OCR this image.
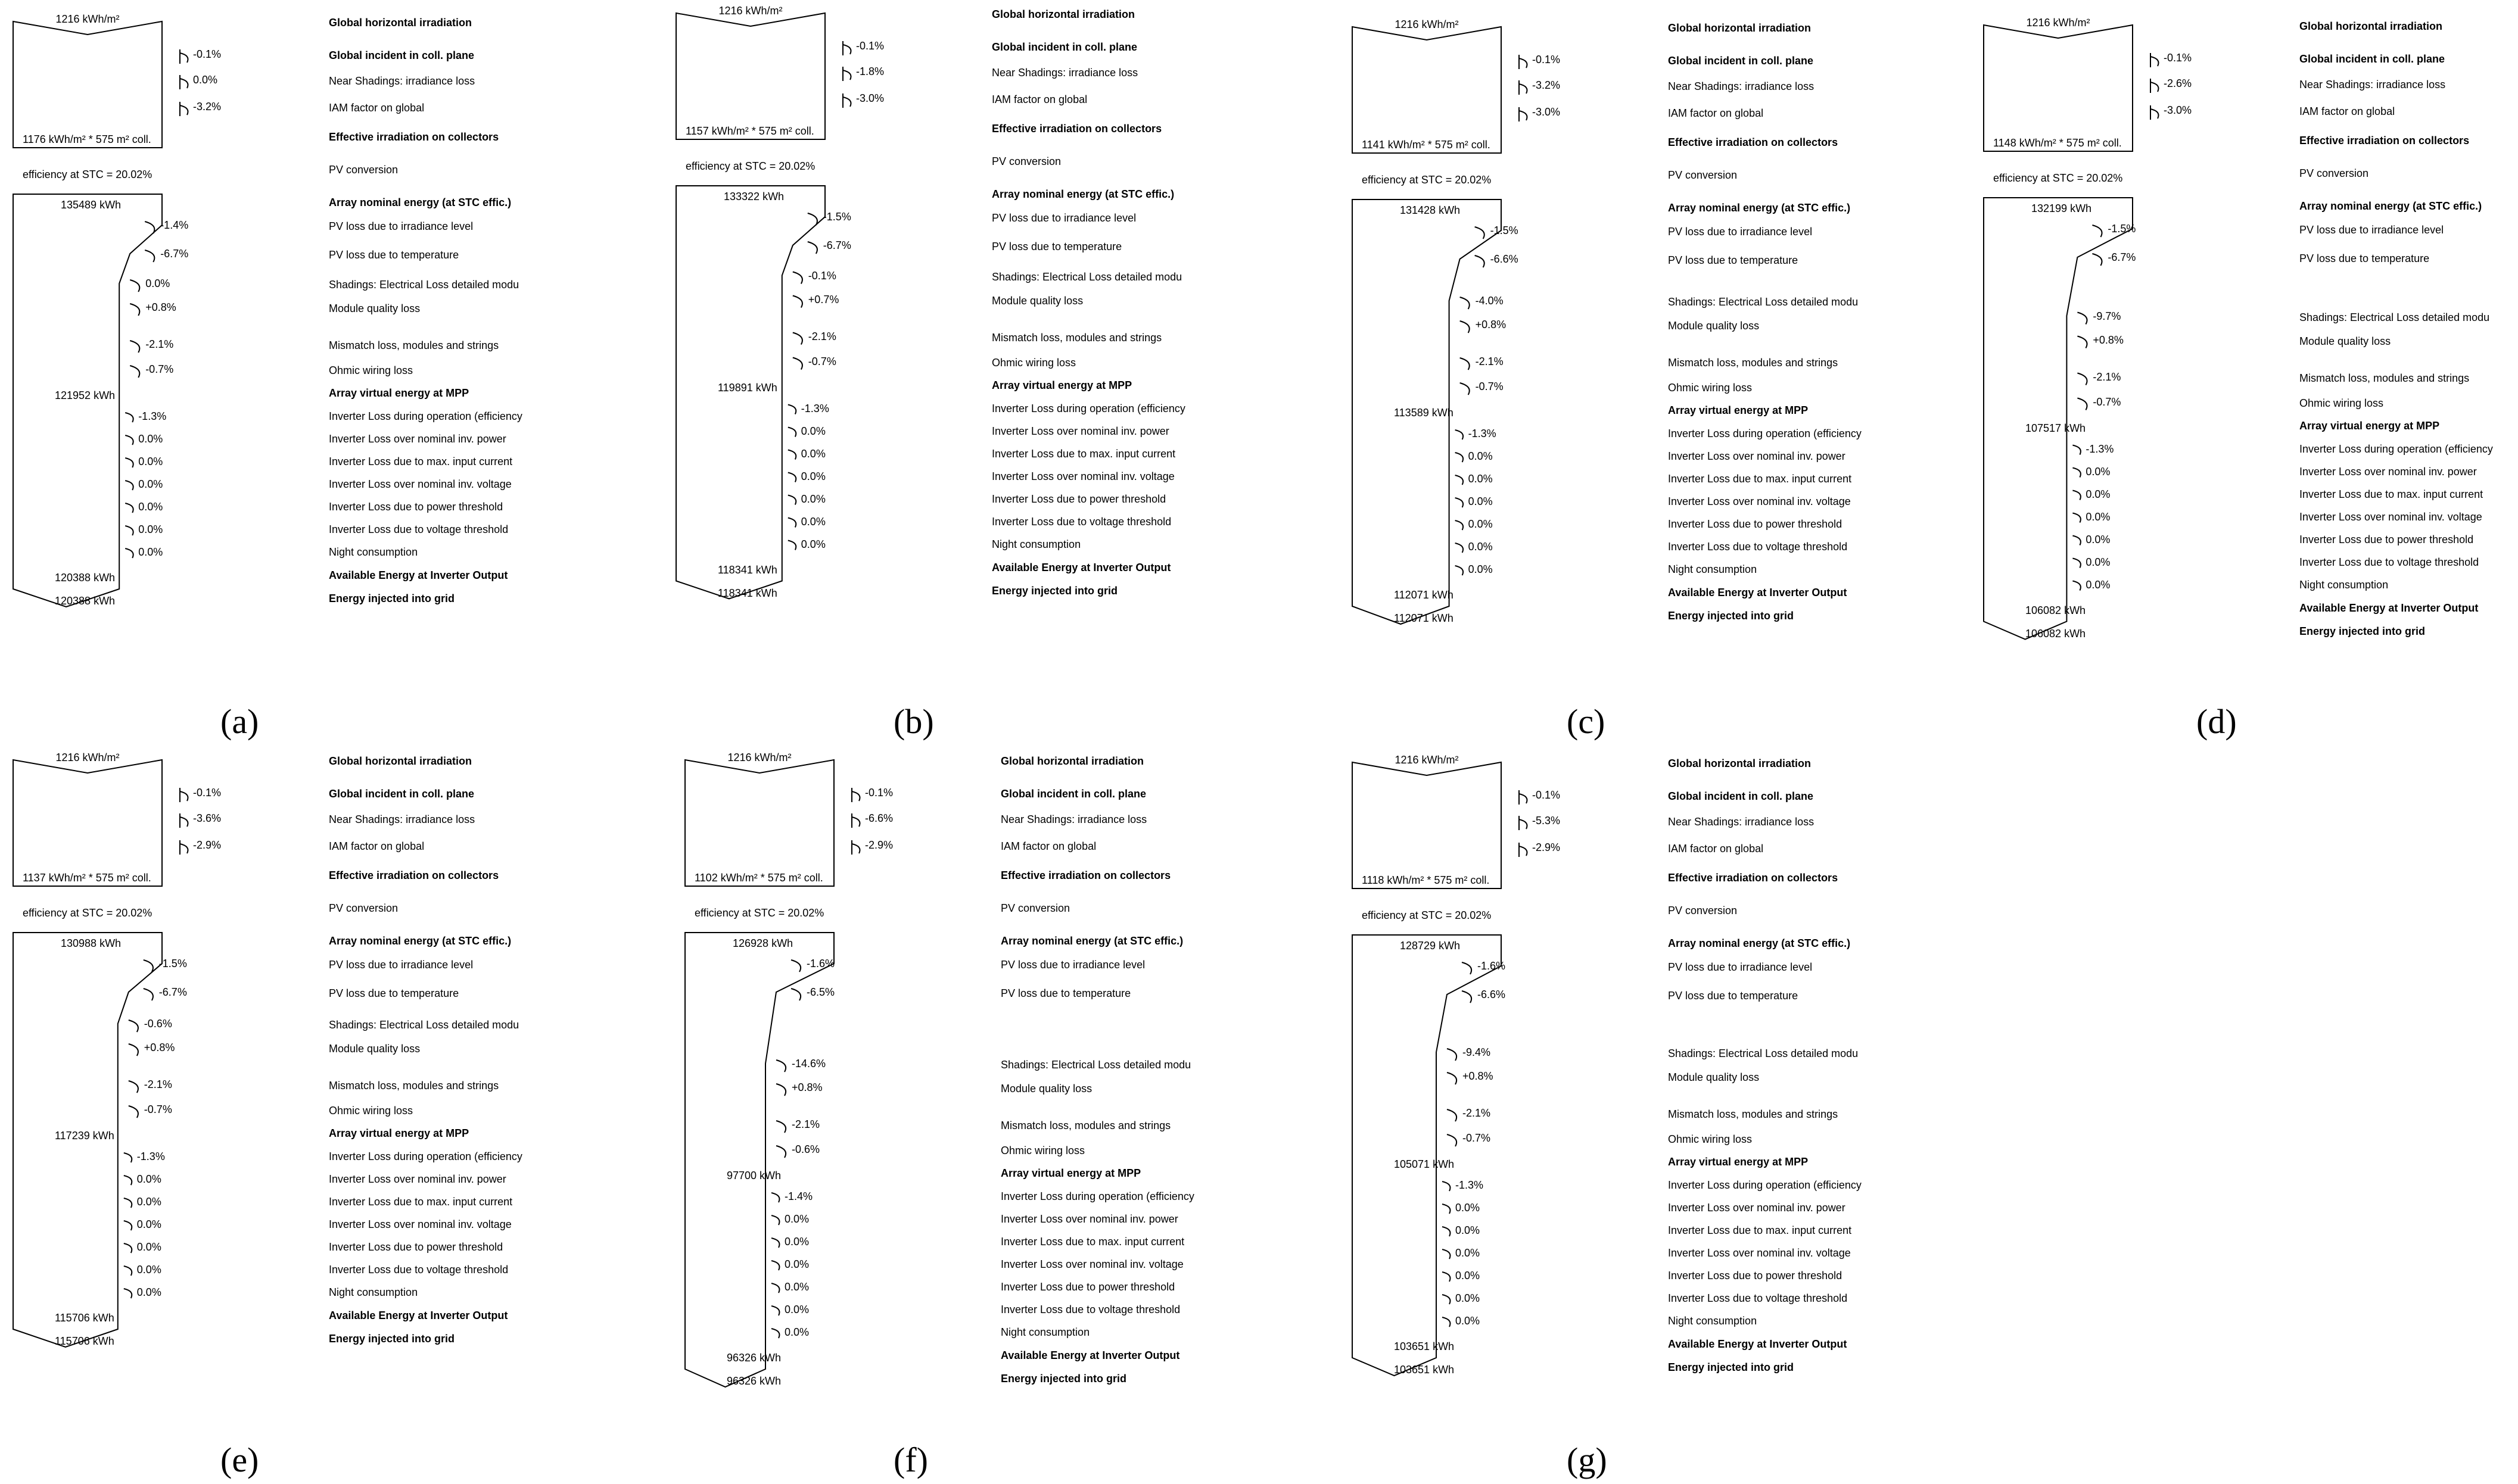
1216 kWh/m²
1176 kWh/m² * 575 m² coll.
efficiency at STC = 20.02%
135489 kWh
121952 kWh
120388 kWh
120388 kWh
-0.1%
0.0%
-3.2%
-1.4%
-6.7%
0.0%
+0.8%
-2.1%
-0.7%
-1.3%
0.0%
0.0%
0.0%
0.0%
0.0%
0.0%
Global horizontal irradiation
Global incident in coll. plane
Near Shadings: irradiance loss
IAM factor on global
Effective irradiation on collectors
PV conversion
Array nominal energy (at STC effic.)
PV loss due to irradiance level
PV loss due to temperature
Shadings: Electrical Loss detailed modu
Module quality loss
Mismatch loss, modules and strings
Ohmic wiring loss
Array virtual energy at MPP
Inverter Loss during operation (efficiency
Inverter Loss over nominal inv. power
Inverter Loss due to max. input current
Inverter Loss over nominal inv. voltage
Inverter Loss due to power threshold
Inverter Loss due to voltage threshold
Night consumption
Available Energy at Inverter Output
Energy injected into grid
(a)
1216 kWh/m²
1157 kWh/m² * 575 m² coll.
efficiency at STC = 20.02%
133322 kWh
119891 kWh
118341 kWh
118341 kWh
-0.1%
-1.8%
-3.0%
-1.5%
-6.7%
-0.1%
+0.7%
-2.1%
-0.7%
-1.3%
0.0%
0.0%
0.0%
0.0%
0.0%
0.0%
Global horizontal irradiation
Global incident in coll. plane
Near Shadings: irradiance loss
IAM factor on global
Effective irradiation on collectors
PV conversion
Array nominal energy (at STC effic.)
PV loss due to irradiance level
PV loss due to temperature
Shadings: Electrical Loss detailed modu
Module quality loss
Mismatch loss, modules and strings
Ohmic wiring loss
Array virtual energy at MPP
Inverter Loss during operation (efficiency
Inverter Loss over nominal inv. power
Inverter Loss due to max. input current
Inverter Loss over nominal inv. voltage
Inverter Loss due to power threshold
Inverter Loss due to voltage threshold
Night consumption
Available Energy at Inverter Output
Energy injected into grid
(b)
1216 kWh/m²
1141 kWh/m² * 575 m² coll.
efficiency at STC = 20.02%
131428 kWh
113589 kWh
112071 kWh
112071 kWh
-0.1%
-3.2%
-3.0%
-1.5%
-6.6%
-4.0%
+0.8%
-2.1%
-0.7%
-1.3%
0.0%
0.0%
0.0%
0.0%
0.0%
0.0%
Global horizontal irradiation
Global incident in coll. plane
Near Shadings: irradiance loss
IAM factor on global
Effective irradiation on collectors
PV conversion
Array nominal energy (at STC effic.)
PV loss due to irradiance level
PV loss due to temperature
Shadings: Electrical Loss detailed modu
Module quality loss
Mismatch loss, modules and strings
Ohmic wiring loss
Array virtual energy at MPP
Inverter Loss during operation (efficiency
Inverter Loss over nominal inv. power
Inverter Loss due to max. input current
Inverter Loss over nominal inv. voltage
Inverter Loss due to power threshold
Inverter Loss due to voltage threshold
Night consumption
Available Energy at Inverter Output
Energy injected into grid
(c)
1216 kWh/m²
1148 kWh/m² * 575 m² coll.
efficiency at STC = 20.02%
132199 kWh
107517 kWh
106082 kWh
106082 kWh
-0.1%
-2.6%
-3.0%
-1.5%
-6.7%
-9.7%
+0.8%
-2.1%
-0.7%
-1.3%
0.0%
0.0%
0.0%
0.0%
0.0%
0.0%
Global horizontal irradiation
Global incident in coll. plane
Near Shadings: irradiance loss
IAM factor on global
Effective irradiation on collectors
PV conversion
Array nominal energy (at STC effic.)
PV loss due to irradiance level
PV loss due to temperature
Shadings: Electrical Loss detailed modu
Module quality loss
Mismatch loss, modules and strings
Ohmic wiring loss
Array virtual energy at MPP
Inverter Loss during operation (efficiency
Inverter Loss over nominal inv. power
Inverter Loss due to max. input current
Inverter Loss over nominal inv. voltage
Inverter Loss due to power threshold
Inverter Loss due to voltage threshold
Night consumption
Available Energy at Inverter Output
Energy injected into grid
(d)
1216 kWh/m²
1137 kWh/m² * 575 m² coll.
efficiency at STC = 20.02%
130988 kWh
117239 kWh
115706 kWh
115706 kWh
-0.1%
-3.6%
-2.9%
-1.5%
-6.7%
-0.6%
+0.8%
-2.1%
-0.7%
-1.3%
0.0%
0.0%
0.0%
0.0%
0.0%
0.0%
Global horizontal irradiation
Global incident in coll. plane
Near Shadings: irradiance loss
IAM factor on global
Effective irradiation on collectors
PV conversion
Array nominal energy (at STC effic.)
PV loss due to irradiance level
PV loss due to temperature
Shadings: Electrical Loss detailed modu
Module quality loss
Mismatch loss, modules and strings
Ohmic wiring loss
Array virtual energy at MPP
Inverter Loss during operation (efficiency
Inverter Loss over nominal inv. power
Inverter Loss due to max. input current
Inverter Loss over nominal inv. voltage
Inverter Loss due to power threshold
Inverter Loss due to voltage threshold
Night consumption
Available Energy at Inverter Output
Energy injected into grid
(e)
1216 kWh/m²
1102 kWh/m² * 575 m² coll.
efficiency at STC = 20.02%
126928 kWh
97700 kWh
96326 kWh
96326 kWh
-0.1%
-6.6%
-2.9%
-1.6%
-6.5%
-14.6%
+0.8%
-2.1%
-0.6%
-1.4%
0.0%
0.0%
0.0%
0.0%
0.0%
0.0%
Global horizontal irradiation
Global incident in coll. plane
Near Shadings: irradiance loss
IAM factor on global
Effective irradiation on collectors
PV conversion
Array nominal energy (at STC effic.)
PV loss due to irradiance level
PV loss due to temperature
Shadings: Electrical Loss detailed modu
Module quality loss
Mismatch loss, modules and strings
Ohmic wiring loss
Array virtual energy at MPP
Inverter Loss during operation (efficiency
Inverter Loss over nominal inv. power
Inverter Loss due to max. input current
Inverter Loss over nominal inv. voltage
Inverter Loss due to power threshold
Inverter Loss due to voltage threshold
Night consumption
Available Energy at Inverter Output
Energy injected into grid
(f)
1216 kWh/m²
1118 kWh/m² * 575 m² coll.
efficiency at STC = 20.02%
128729 kWh
105071 kWh
103651 kWh
103651 kWh
-0.1%
-5.3%
-2.9%
-1.6%
-6.6%
-9.4%
+0.8%
-2.1%
-0.7%
-1.3%
0.0%
0.0%
0.0%
0.0%
0.0%
0.0%
Global horizontal irradiation
Global incident in coll. plane
Near Shadings: irradiance loss
IAM factor on global
Effective irradiation on collectors
PV conversion
Array nominal energy (at STC effic.)
PV loss due to irradiance level
PV loss due to temperature
Shadings: Electrical Loss detailed modu
Module quality loss
Mismatch loss, modules and strings
Ohmic wiring loss
Array virtual energy at MPP
Inverter Loss during operation (efficiency
Inverter Loss over nominal inv. power
Inverter Loss due to max. input current
Inverter Loss over nominal inv. voltage
Inverter Loss due to power threshold
Inverter Loss due to voltage threshold
Night consumption
Available Energy at Inverter Output
Energy injected into grid
(g)
